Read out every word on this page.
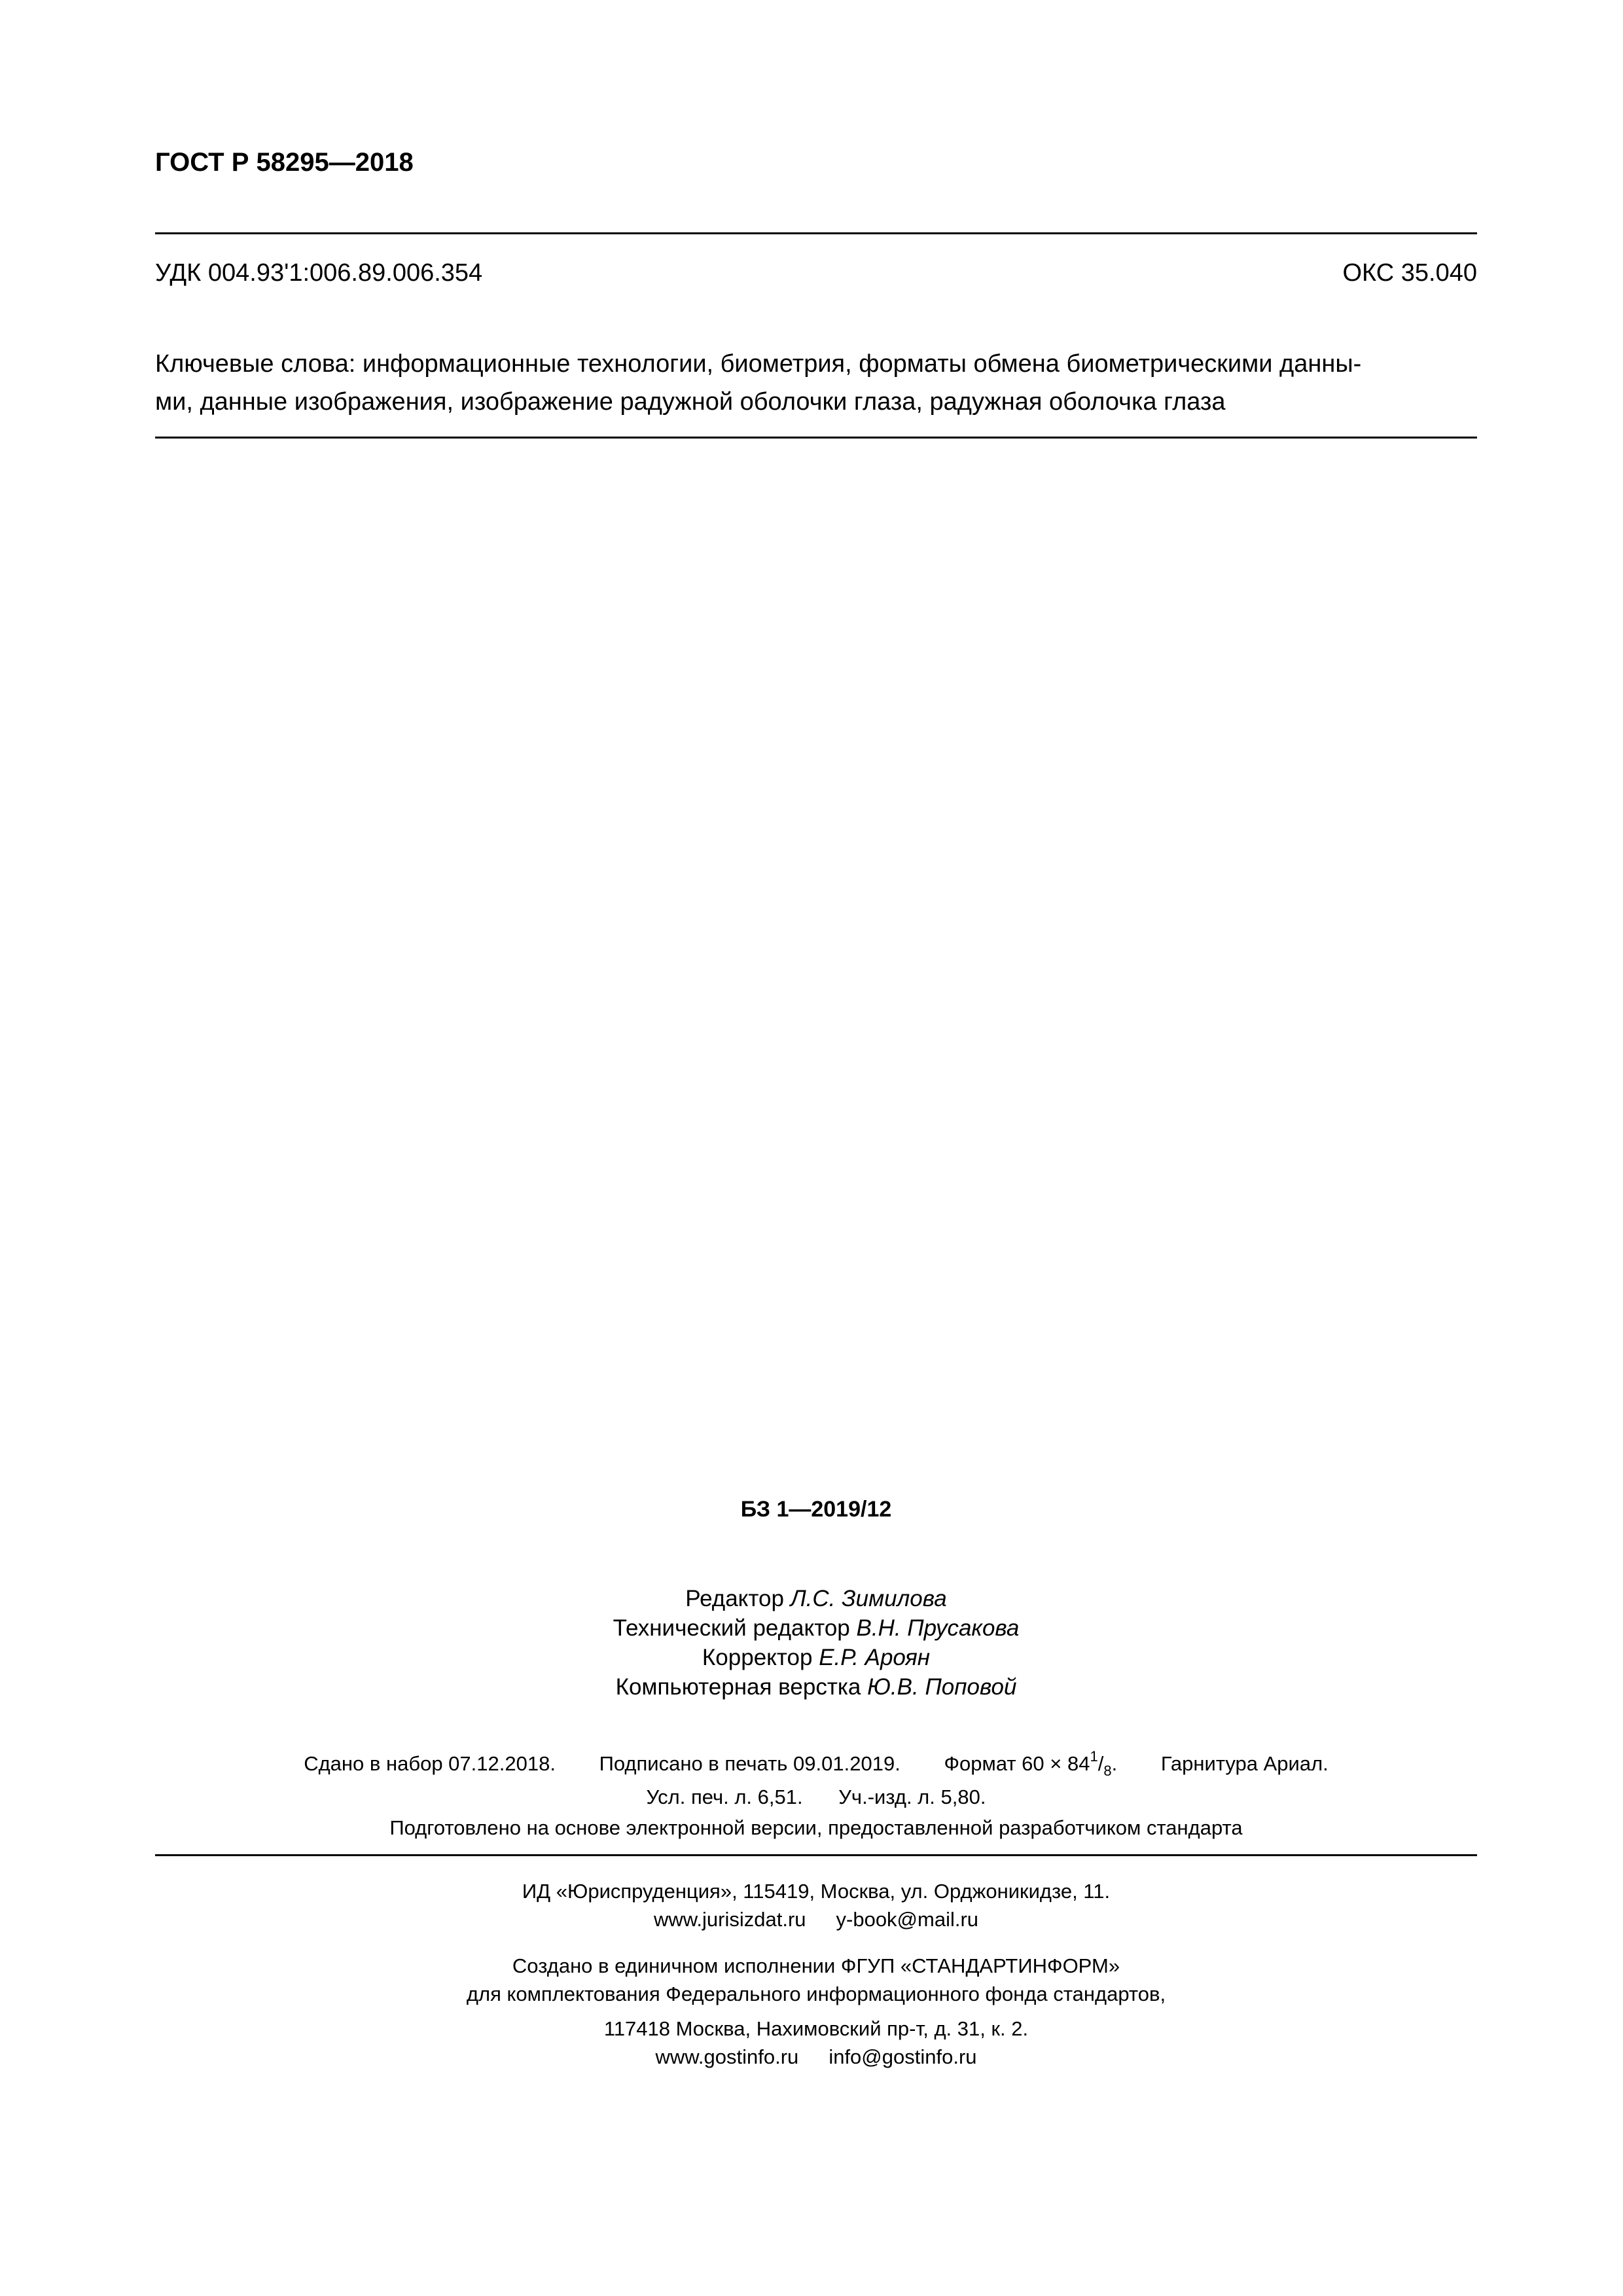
ГОСТ Р 58295—2018
УДК 004.93'1:006.89.006.354	ОКС 35.040
Ключевые слова: информационные технологии, биометрия, форматы обмена биометрическими данны-
ми, данные изображения, изображение радужной оболочки глаза, радужная оболочка глаза
БЗ 1—2019/12
Редактор Л.С. Зимилова
Технический редактор В.Н. Прусакова
Корректор Е.Р. Ароян
Компьютерная верстка Ю.В. Поповой
Сдано в набор 07.12.2018. Подписано в печать 09.01.2019. Формат $60 \times 84^1/_8$. Гарнитура Ариал.
Усл. печ. л. 6,51. Уч.-изд. л. 5,80.
Подготовлено на основе электронной версии, предоставленной разработчиком стандарта
ИД «Юриспруденция», 115419, Москва, ул. Орджоникидзе, 11.
www.jurisizdat.ru y-book@mail.ru
Создано в единичном исполнении ФГУП «СТАНДАРТИНФОРМ»
для комплектования Федерального информационного фонда стандартов,
117418 Москва, Нахимовский пр-т, д. 31, к. 2.
www.gostinfo.ru info@gostinfo.ru
